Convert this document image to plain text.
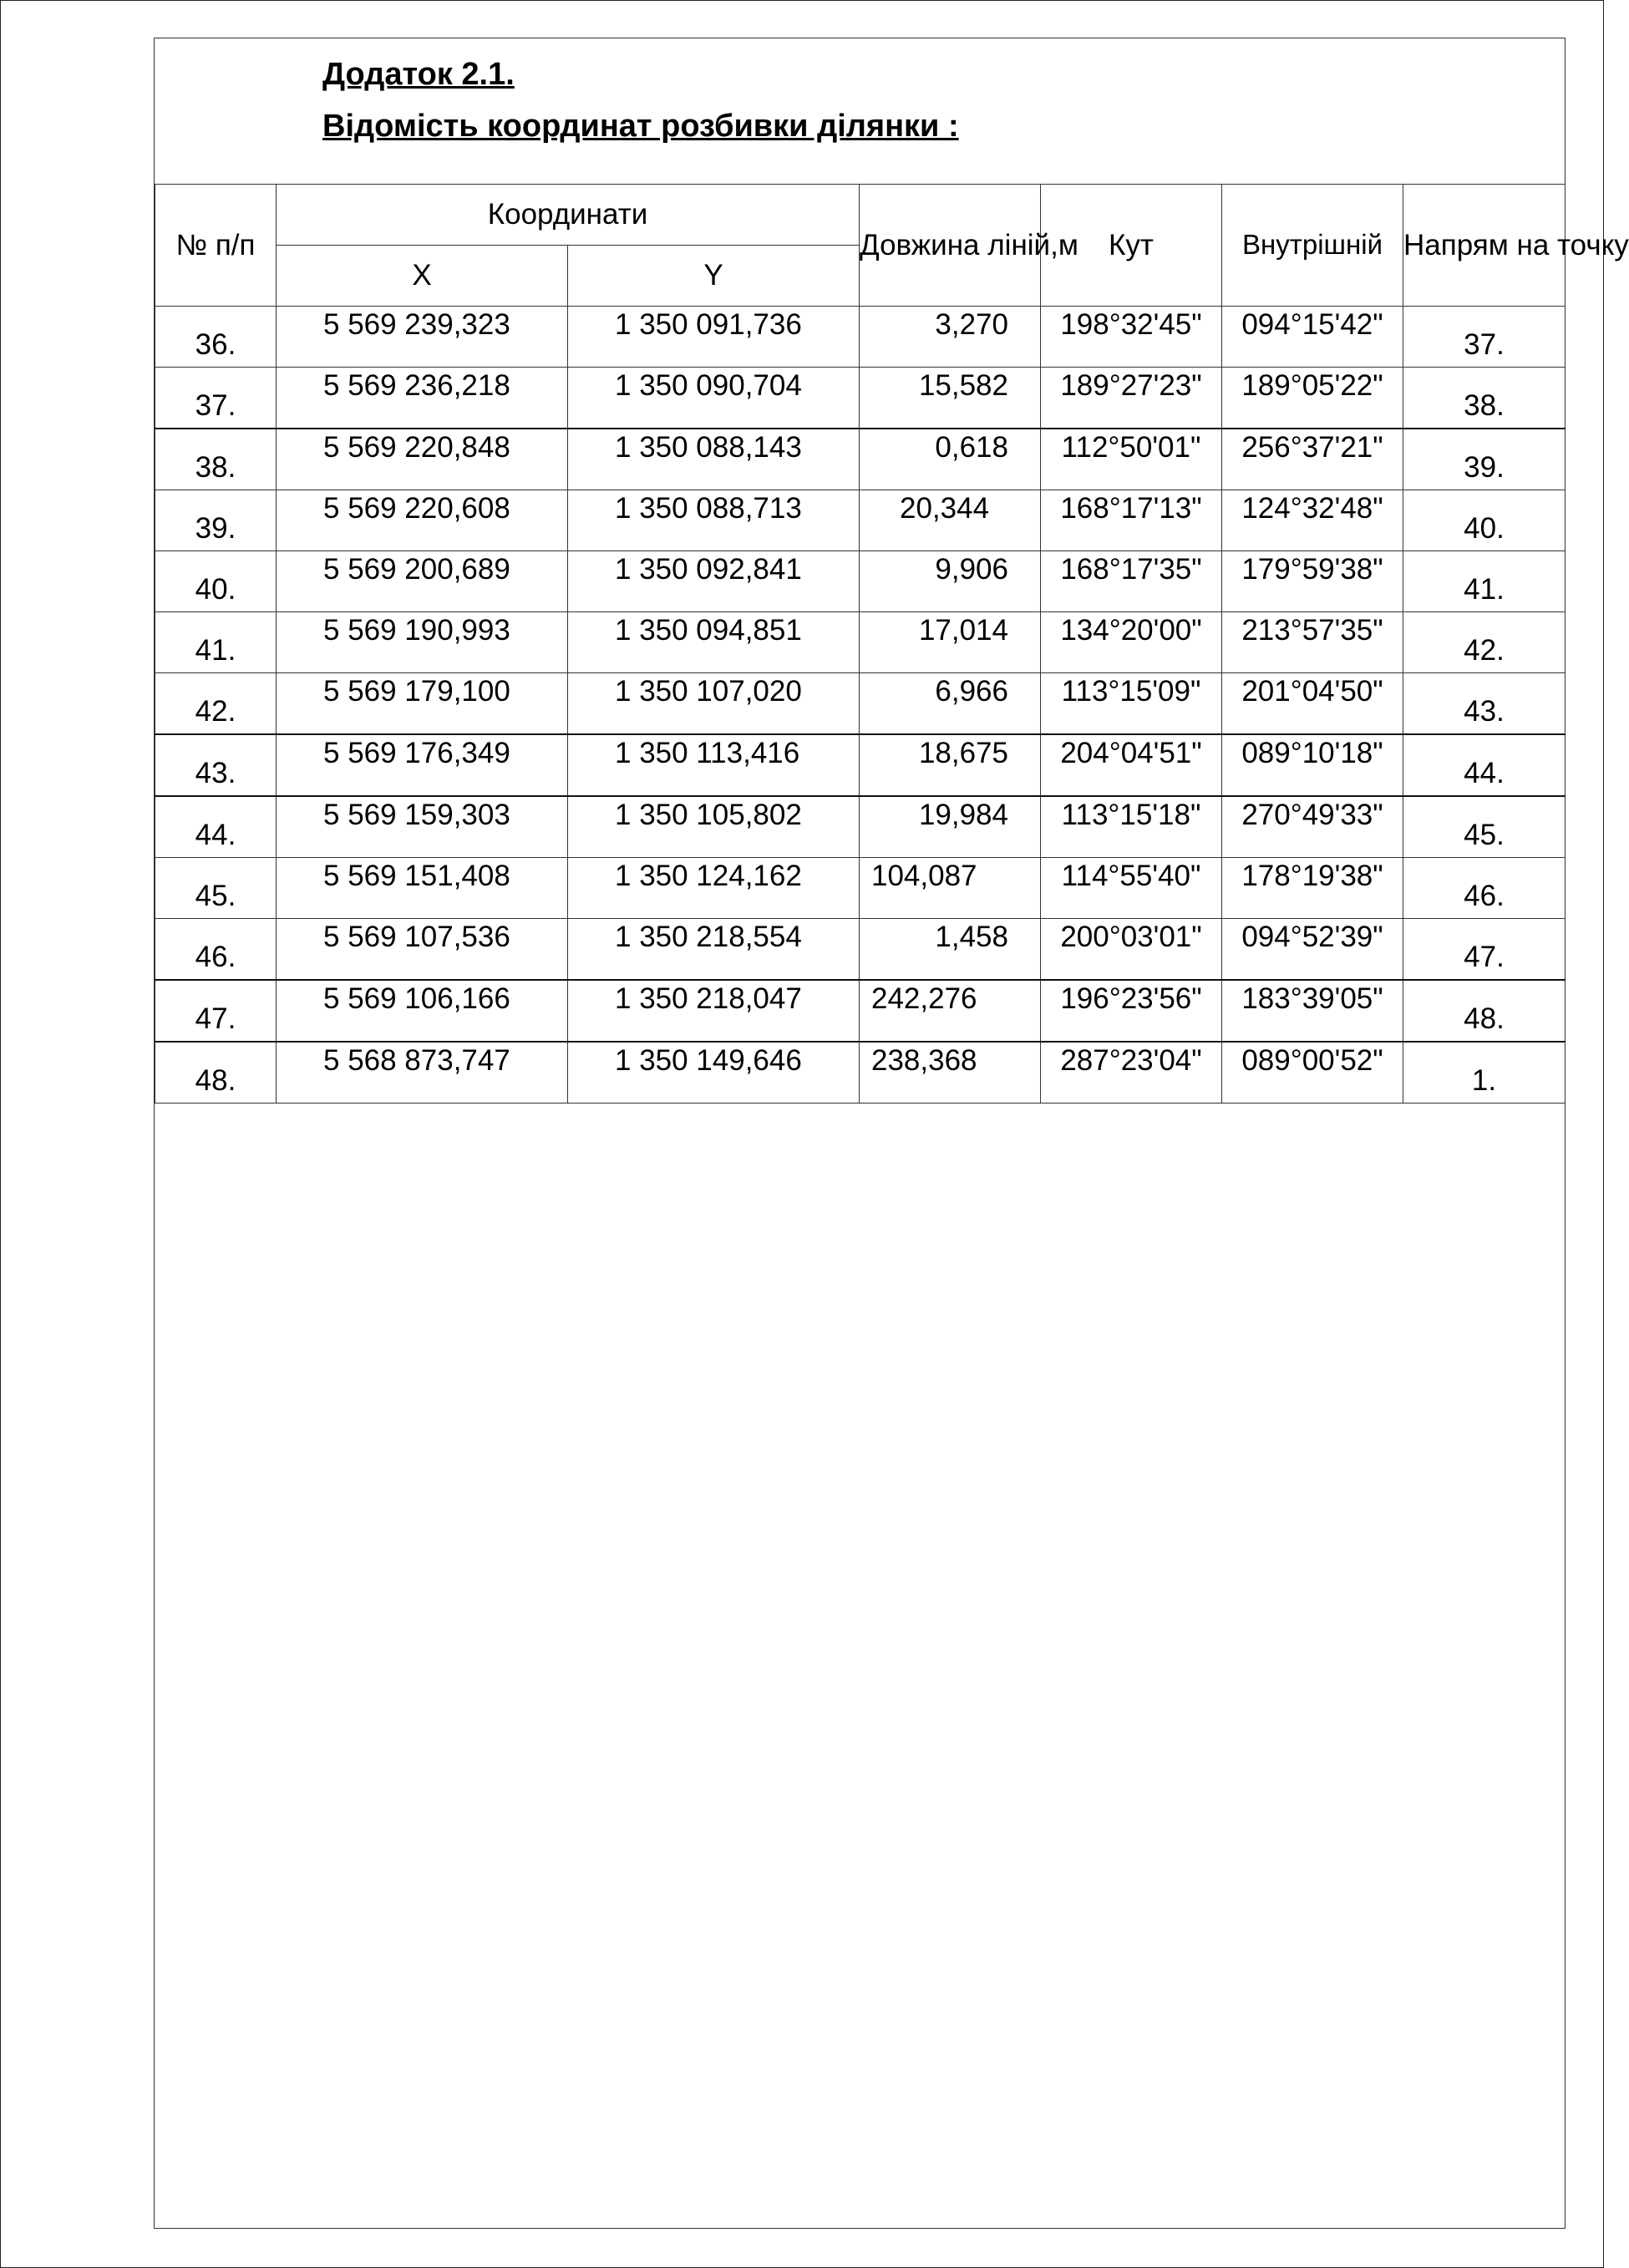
Додаток 2.1.
Відомість координат розбивки ділянки :
№ п/п	Координати		Довжина ліній,м	Кут	Внутрішній	Напрям на точку
	X	Y				
36.	5 569 239,323	1 350 091,736	3,270	198°32'45"	094°15'42"	37.
37.	5 569 236,218	1 350 090,704	15,582	189°27'23"	189°05'22"	38.
38.	5 569 220,848	1 350 088,143	0,618	112°50'01"	256°37'21"	39.
39.	5 569 220,608	1 350 088,713	20,344	168°17'13"	124°32'48"	40.
40.	5 569 200,689	1 350 092,841	9,906	168°17'35"	179°59'38"	41.
41.	5 569 190,993	1 350 094,851	17,014	134°20'00"	213°57'35"	42.
42.	5 569 179,100	1 350 107,020	6,966	113°15'09"	201°04'50"	43.
43.	5 569 176,349	1 350 113,416	18,675	204°04'51"	089°10'18"	44.
44.	5 569 159,303	1 350 105,802	19,984	113°15'18"	270°49'33"	45.
45.	5 569 151,408	1 350 124,162	104,087	114°55'40"	178°19'38"	46.
46.	5 569 107,536	1 350 218,554	1,458	200°03'01"	094°52'39"	47.
47.	5 569 106,166	1 350 218,047	242,276	196°23'56"	183°39'05"	48.
48.	5 568 873,747	1 350 149,646	238,368	287°23'04"	089°00'52"	1.
